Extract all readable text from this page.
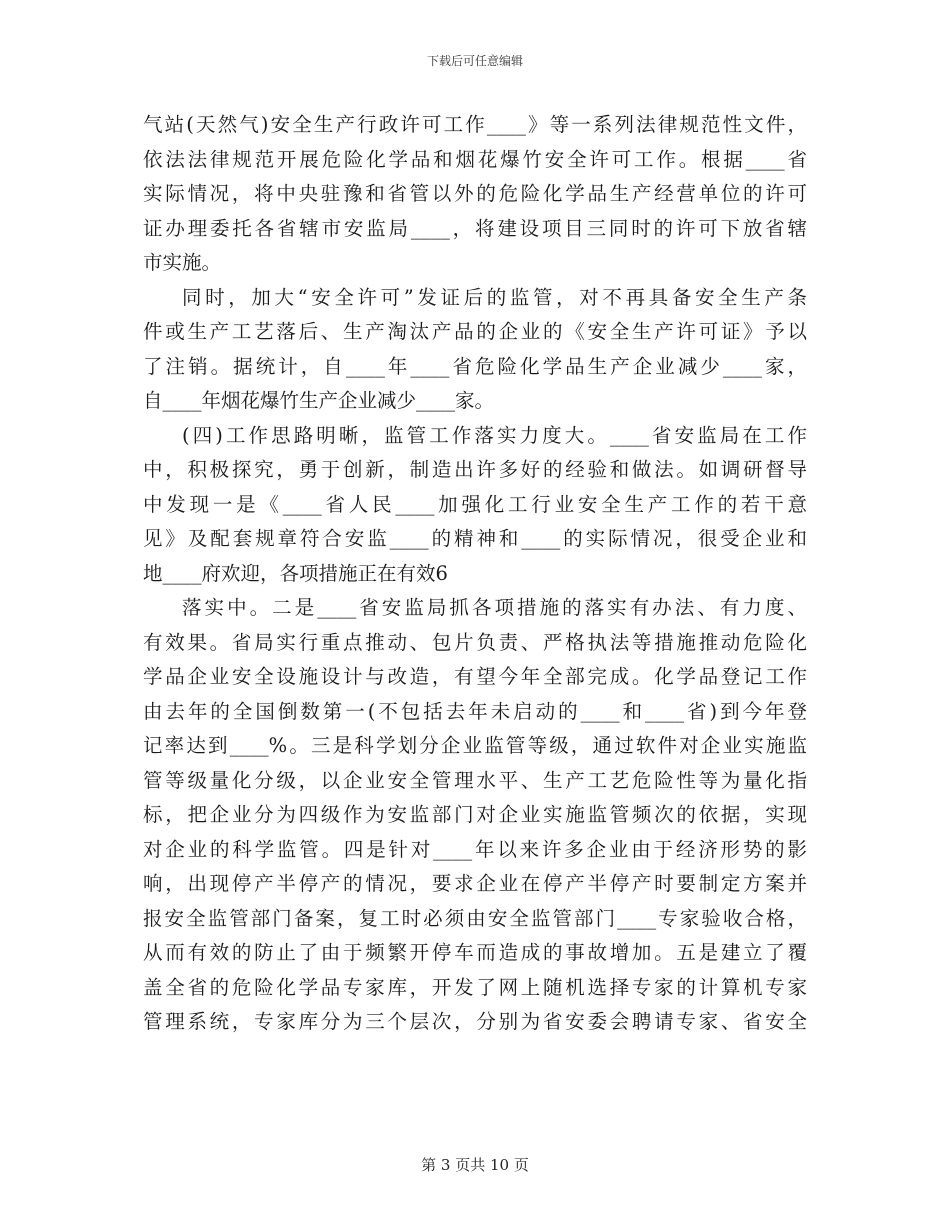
下载后可任意编辑
气站(天然气)安全生产行政许可工作____》等一系列法律规范性文件，
依法法律规范开展危险化学品和烟花爆竹安全许可工作。根据____省
实际情况，将中央驻豫和省管以外的危险化学品生产经营单位的许可
证办理委托各省辖市安监局____，将建设项目三同时的许可下放省辖
市实施。
同时，加大“安全许可”发证后的监管，对不再具备安全生产条
件或生产工艺落后、生产淘汰产品的企业的《安全生产许可证》予以
了注销。据统计，自____年____省危险化学品生产企业减少____家，
自____年烟花爆竹生产企业减少____家。
(四)工作思路明晰，监管工作落实力度大。____省安监局在工作
中，积极探究，勇于创新，制造出许多好的经验和做法。如调研督导
中发现一是《____省人民____加强化工行业安全生产工作的若干意
见》及配套规章符合安监____的精神和____的实际情况，很受企业和
地____府欢迎，各项措施正在有效6
落实中。二是____省安监局抓各项措施的落实有办法、有力度、
有效果。省局实行重点推动、包片负责、严格执法等措施推动危险化
学品企业安全设施设计与改造，有望今年全部完成。化学品登记工作
由去年的全国倒数第一(不包括去年未启动的____和____省)到今年登
记率达到____%。三是科学划分企业监管等级，通过软件对企业实施监
管等级量化分级，以企业安全管理水平、生产工艺危险性等为量化指
标，把企业分为四级作为安监部门对企业实施监管频次的依据，实现
对企业的科学监管。四是针对____年以来许多企业由于经济形势的影
响，出现停产半停产的情况，要求企业在停产半停产时要制定方案并
报安全监管部门备案，复工时必须由安全监管部门____专家验收合格，
从而有效的防止了由于频繁开停车而造成的事故增加。五是建立了覆
盖全省的危险化学品专家库，开发了网上随机选择专家的计算机专家
管理系统，专家库分为三个层次，分别为省安委会聘请专家、省安全
第 3 页共 10 页
